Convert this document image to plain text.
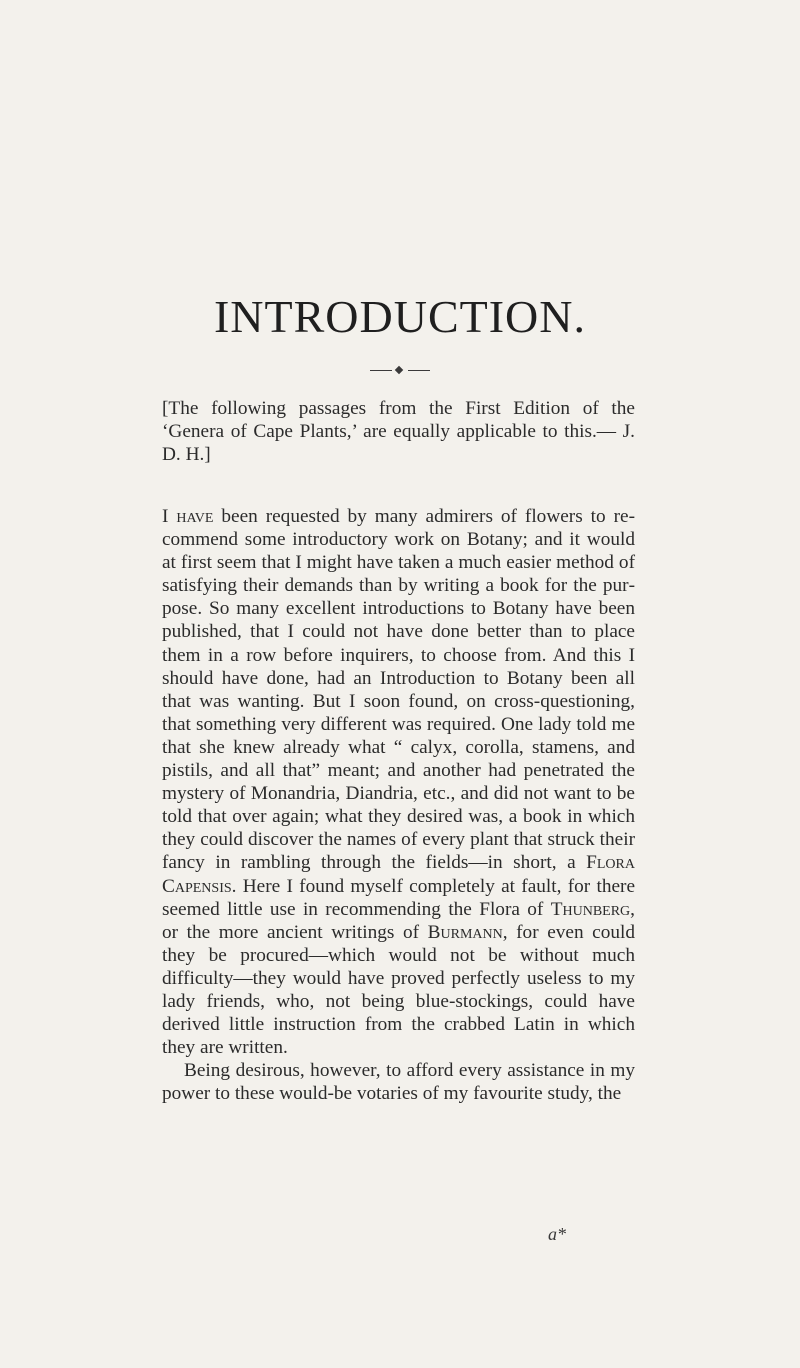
INTRODUCTION.
[The following passages from the First Edition of the ‘Genera of Cape Plants,’ are equally applicable to this.— J. D. H.]

I have been requested by many admirers of flowers to recommend some introductory work on Botany; and it would at first seem that I might have taken a much easier method of satisfying their demands than by writing a book for the purpose. So many excellent introductions to Botany have been published, that I could not have done better than to place them in a row before inquirers, to choose from. And this I should have done, had an Introduction to Botany been all that was wanting. But I soon found, on cross-questioning, that something very different was required. One lady told me that she knew already what “ calyx, corolla, stamens, and pistils, and all that” meant; and another had penetrated the mystery of Monandria, Diandria, etc., and did not want to be told that over again; what they desired was, a book in which they could discover the names of every plant that struck their fancy in rambling through the fields—in short, a Flora Capensis. Here I found myself completely at fault, for there seemed little use in recommending the Flora of Thunberg, or the more ancient writings of Burmann, for even could they be procured—which would not be without much difficulty—they would have proved perfectly useless to my lady friends, who, not being blue-stockings, could have derived little instruction from the crabbed Latin in which they are written.

Being desirous, however, to afford every assistance in my power to these would-be votaries of my favourite study, the

a*
